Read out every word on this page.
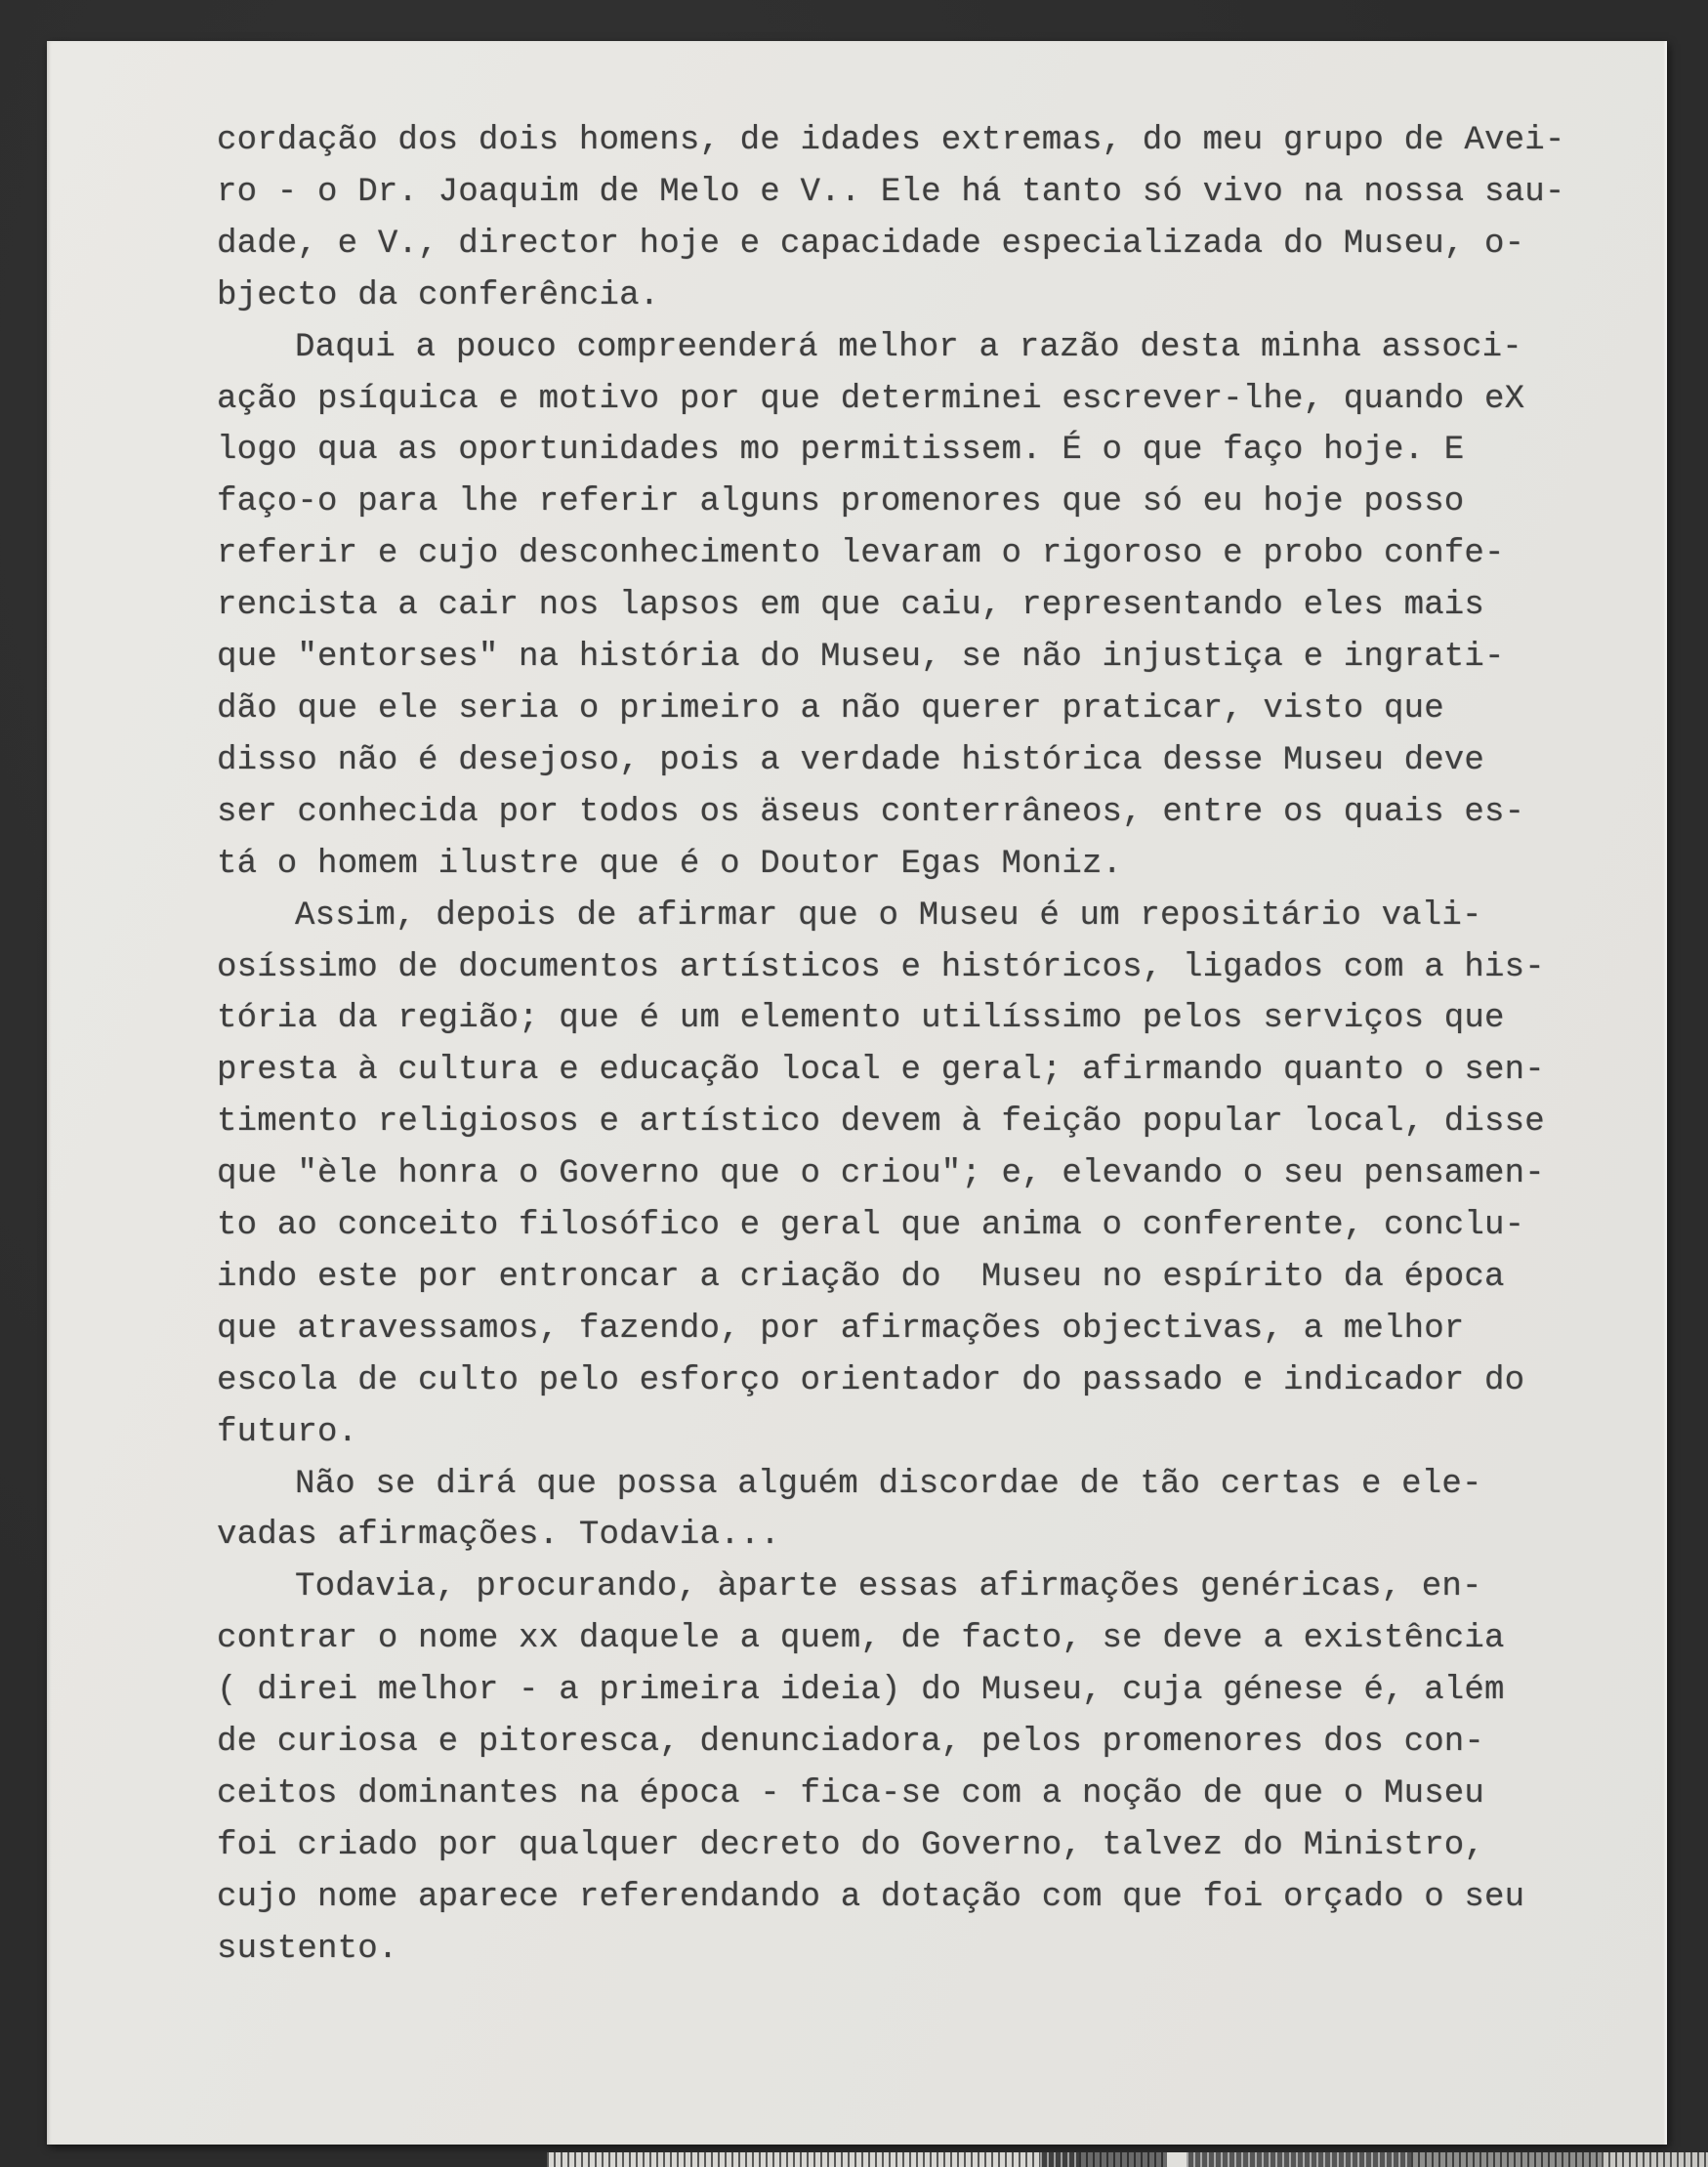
cordação dos dois homens, de idades extremas, do meu grupo de Avei-
ro - o Dr. Joaquim de Melo e V.. Ele há tanto só vivo na nossa sau-
dade, e V., director hoje e capacidade especializada do Museu, o-
bjecto da conferência.
Daqui a pouco compreenderá melhor a razão desta minha associ-
ação psíquica e motivo por que determinei escrever-lhe, quando eX
logo qua as oportunidades mo permitissem. É o que faço hoje. E
faço-o para lhe referir alguns promenores que só eu hoje posso
referir e cujo desconhecimento levaram o rigoroso e probo confe-
rencista a cair nos lapsos em que caiu, representando eles mais
que "entorses" na história do Museu, se não injustiça e ingrati-
dão que ele seria o primeiro a não querer praticar, visto que
disso não é desejoso, pois a verdade histórica desse Museu deve
ser conhecida por todos os äseus conterrâneos, entre os quais es-
tá o homem ilustre que é o Doutor Egas Moniz.
Assim, depois de afirmar que o Museu é um repositário vali-
osíssimo de documentos artísticos e históricos, ligados com a his-
tória da região; que é um elemento utilíssimo pelos serviços que
presta à cultura e educação local e geral; afirmando quanto o sen-
timento religiosos e artístico devem à feição popular local, disse
que "èle honra o Governo que o criou"; e, elevando o seu pensamen-
to ao conceito filosófico e geral que anima o conferente, conclu-
indo este por entroncar a criação do  Museu no espírito da época
que atravessamos, fazendo, por afirmações objectivas, a melhor
escola de culto pelo esforço orientador do passado e indicador do
futuro.
Não se dirá que possa alguém discordae de tão certas e ele-
vadas afirmações. Todavia...
Todavia, procurando, àparte essas afirmações genéricas, en-
contrar o nome xx daquele a quem, de facto, se deve a existência
( direi melhor - a primeira ideia) do Museu, cuja génese é, além
de curiosa e pitoresca, denunciadora, pelos promenores dos con-
ceitos dominantes na época - fica-se com a noção de que o Museu
foi criado por qualquer decreto do Governo, talvez do Ministro,
cujo nome aparece referendando a dotação com que foi orçado o seu
sustento.
